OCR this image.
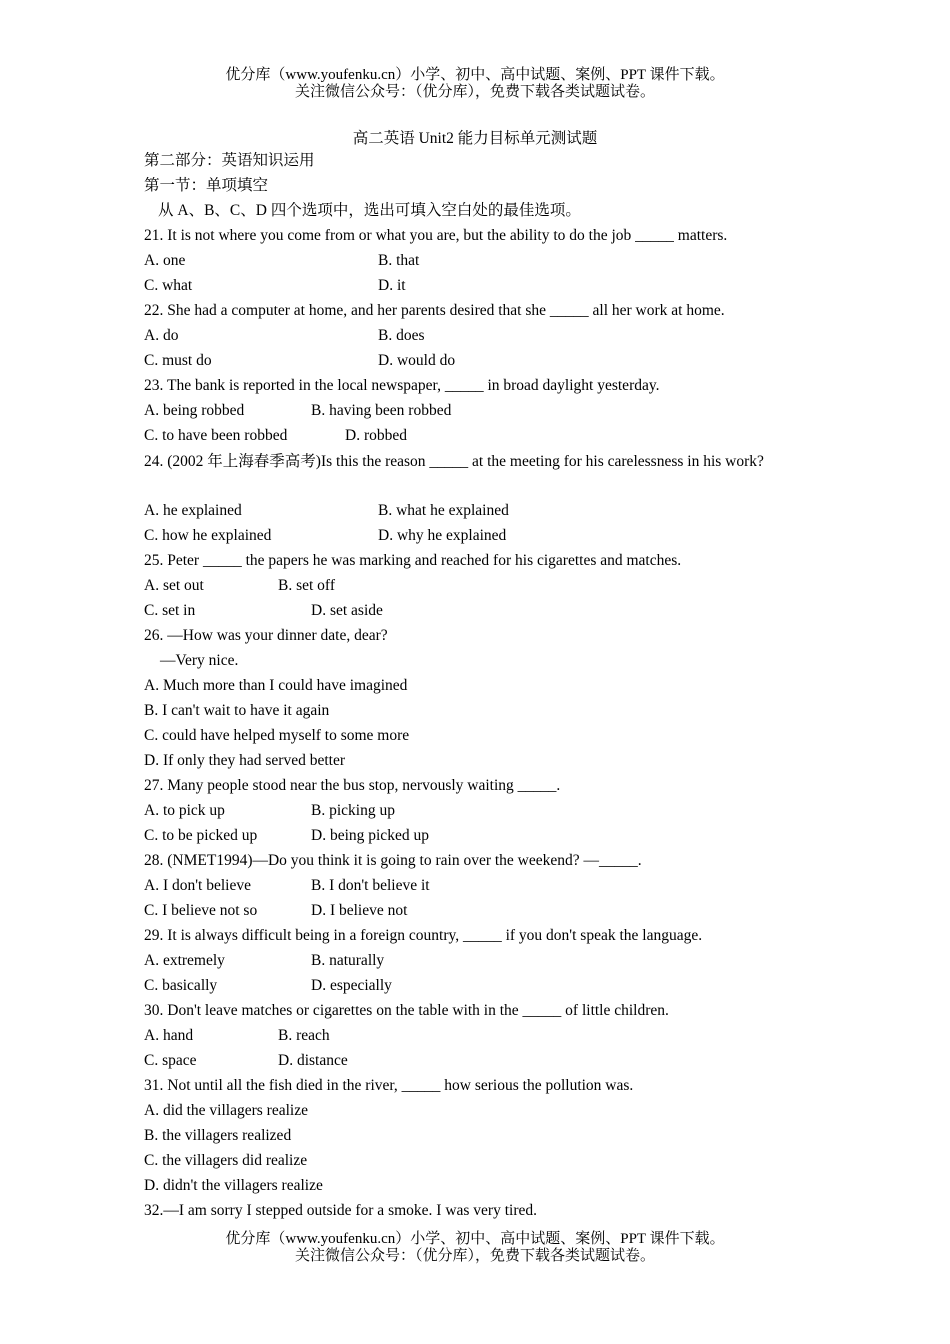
优分库（www.youfenku.cn）小学、初中、高中试题、案例、PPT 课件下载。
关注微信公众号：（优分库），免费下载各类试题试卷。
高二英语 Unit2 能力目标单元测试题
第二部分：英语知识运用
第一节：单项填空
从 A、B、C、D 四个选项中，选出可填入空白处的最佳选项。
21. It is not where you come from or what you are, but the ability to do the job _____ matters.
A. one	B. that
C. what	D. it
22. She had a computer at home, and her parents desired that she _____ all her work at home.
A. do	B. does
C. must do	D. would do
23. The bank is reported in the local newspaper, _____ in broad daylight yesterday.
A. being robbed	B. having been robbed
C. to have been robbed	D. robbed
24. (2002 年上海春季高考)Is this the reason _____ at the meeting for his carelessness in his work?
A. he explained	B. what he explained
C. how he explained	D. why he explained
25. Peter _____ the papers he was marking and reached for his cigarettes and matches.
A. set out	B. set off
C. set in	D. set aside
26. —How was your dinner date, dear?
—Very nice.
A. Much more than I could have imagined
B. I can't wait to have it again
C. could have helped myself to some more
D. If only they had served better
27. Many people stood near the bus stop, nervously waiting _____.
A. to pick up	B. picking up
C. to be picked up	D. being picked up
28. (NMET1994)—Do you think it is going to rain over the weekend? —_____.
A. I don't believe	B. I don't believe it
C. I believe not so	D. I believe not
29. It is always difficult being in a foreign country, _____ if you don't speak the language.
A. extremely	B. naturally
C. basically	D. especially
30. Don't leave matches or cigarettes on the table with in the _____ of little children.
A. hand	B. reach
C. space	D. distance
31. Not until all the fish died in the river, _____ how serious the pollution was.
A. did the villagers realize
B. the villagers realized
C. the villagers did realize
D. didn't the villagers realize
32.—I am sorry I stepped outside for a smoke. I was very tired.
优分库（www.youfenku.cn）小学、初中、高中试题、案例、PPT 课件下载。
关注微信公众号：（优分库），免费下载各类试题试卷。
